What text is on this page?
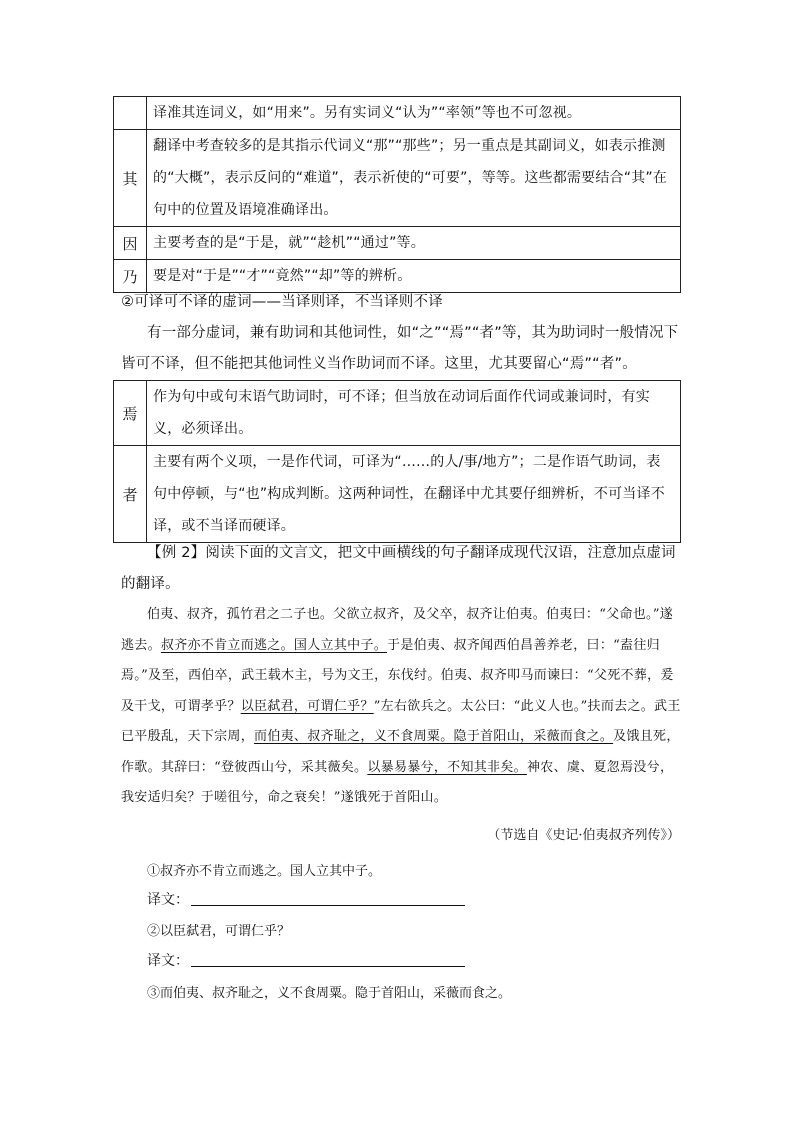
	译准其连词义，如“用来”。另有实词义“认为”“率领”等也不可忽视。
其	翻译中考查较多的是其指示代词义“那”“那些”；另一重点是其副词义，如表示推测的“大概”，表示反问的“难道”，表示祈使的“可要”，等等。这些都需要结合“其”在句中的位置及语境准确译出。
因	主要考查的是“于是，就”“趁机”“通过”等。
乃	要是对“于是”“才”“竟然”“却”等的辨析。
②可译可不译的虚词——当译则译，不当译则不译
有一部分虚词，兼有助词和其他词性，如“之”“焉”“者”等，其为助词时一般情况下皆可不译，但不能把其他词性义当作助词而不译。这里，尤其要留心“焉”“者”。
焉	作为句中或句末语气助词时，可不译；但当放在动词后面作代词或兼词时，有实义，必须译出。
者	主要有两个义项，一是作代词，可译为“……的人/事/地方”；二是作语气助词，表句中停顿，与“也”构成判断。这两种词性，在翻译中尤其要仔细辨析，不可当译不译，或不当译而硬译。
【例 2】阅读下面的文言文，把文中画横线的句子翻译成现代汉语，注意加点虚词的翻译。
伯夷、叔齐，孤竹君之二子也。父欲立叔齐，及父卒，叔齐让伯夷。伯夷曰：“父命也。”遂逃去。叔齐亦不肯立而逃之。国人立其中子。于是伯夷、叔齐闻西伯昌善养老，曰：“盍往归焉。”及至，西伯卒，武王载木主，号为文王，东伐纣。伯夷、叔齐叩马而谏曰：“父死不葬，爰及干戈，可谓孝乎？以臣弑君，可谓仁乎？”左右欲兵之。太公曰：“此义人也。”扶而去之。武王已平殷乱，天下宗周，而伯夷、叔齐耻之，义不食周粟。隐于首阳山，采薇而食之。及饿且死，作歌。其辞曰：“登彼西山兮，采其薇矣。以暴易暴兮，不知其非矣。神农、虞、夏忽焉没兮，我安适归矣？于嗟徂兮，命之衰矣！”遂饿死于首阳山。
（节选自《史记·伯夷叔齐列传》）
①叔齐亦不肯立而逃之。国人立其中子。
译文：
②以臣弑君，可谓仁乎？
译文：
③而伯夷、叔齐耻之，义不食周粟。隐于首阳山，采薇而食之。
